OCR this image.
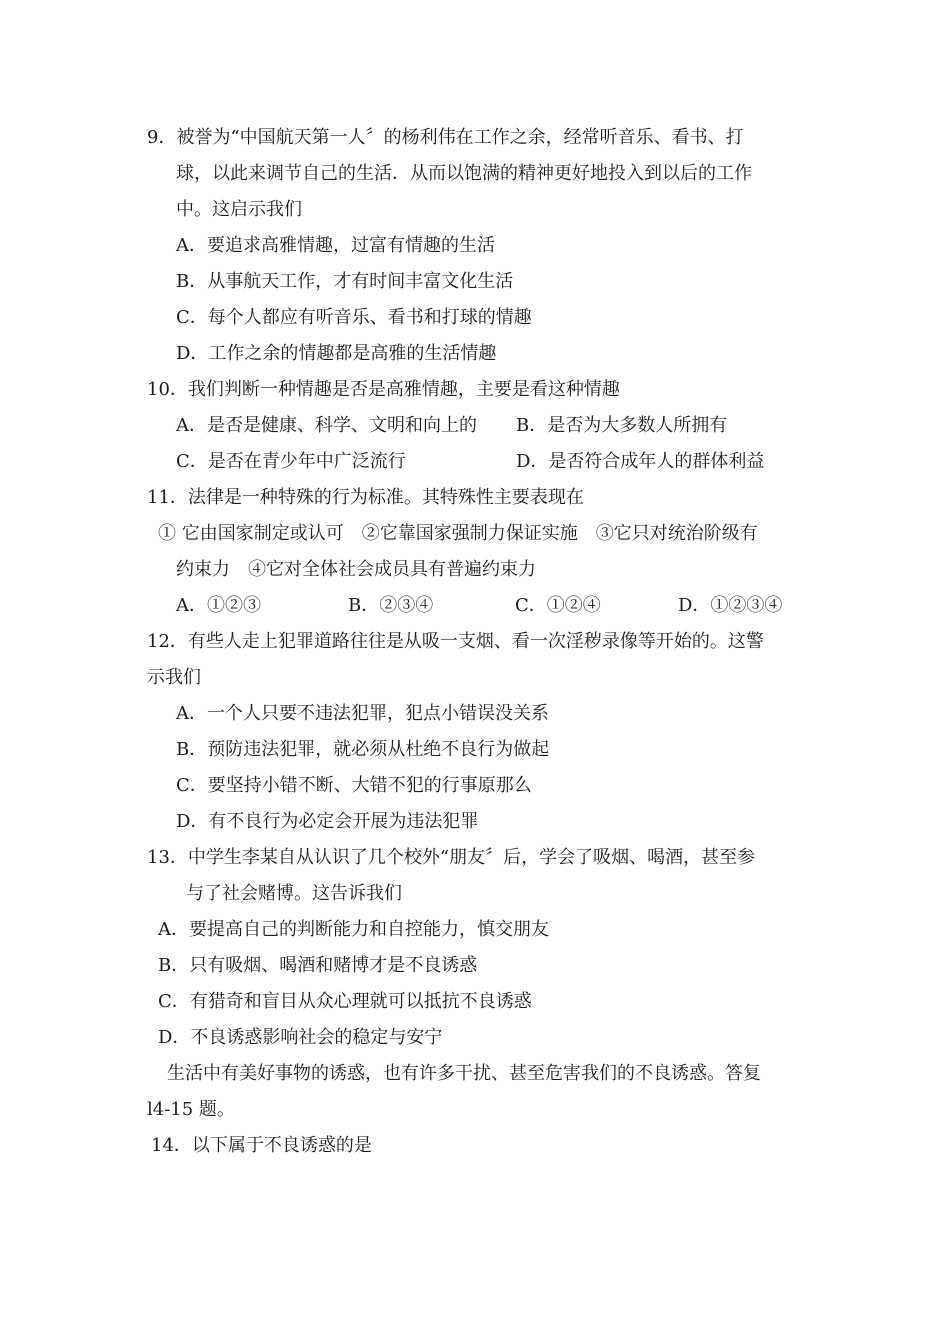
9．被誉为“中国航天第一人〞的杨利伟在工作之余，经常听音乐、看书、打
球，以此来调节自己的生活．从而以饱满的精神更好地投入到以后的工作
中。这启示我们
A．要追求高雅情趣，过富有情趣的生活
B．从事航天工作，才有时间丰富文化生活
C．每个人都应有听音乐、看书和打球的情趣
D．工作之余的情趣都是高雅的生活情趣
10．我们判断一种情趣是否是高雅情趣，主要是看这种情趣
A．是否是健康、科学、文明和向上的 B．是否为大多数人所拥有
C．是否在青少年中广泛流行	D．是否符合成年人的群体利益
11．法律是一种特殊的行为标准。其特殊性主要表现在
① 它由国家制定或认可　②它靠国家强制力保证实施　③它只对统治阶级有
约束力　④它对全体社会成员具有普遍约束力
A．①②③	B．②③④	C．①②④	D．①②③④
12．有些人走上犯罪道路往往是从吸一支烟、看一次淫秽录像等开始的。这警
示我们
A．一个人只要不违法犯罪，犯点小错误没关系
B．预防违法犯罪，就必须从杜绝不良行为做起
C．要坚持小错不断、大错不犯的行事原那么
D．有不良行为必定会开展为违法犯罪
13．中学生李某自从认识了几个校外“朋友〞后，学会了吸烟、喝酒，甚至参
与了社会赌博。这告诉我们
A．要提高自己的判断能力和自控能力，慎交朋友
B．只有吸烟、喝酒和赌博才是不良诱惑
C．有猎奇和盲目从众心理就可以抵抗不良诱惑
D．不良诱惑影响社会的稳定与安宁
生活中有美好事物的诱惑，也有许多干扰、甚至危害我们的不良诱惑。答复
l4-15 题。
14．以下属于不良诱惑的是
